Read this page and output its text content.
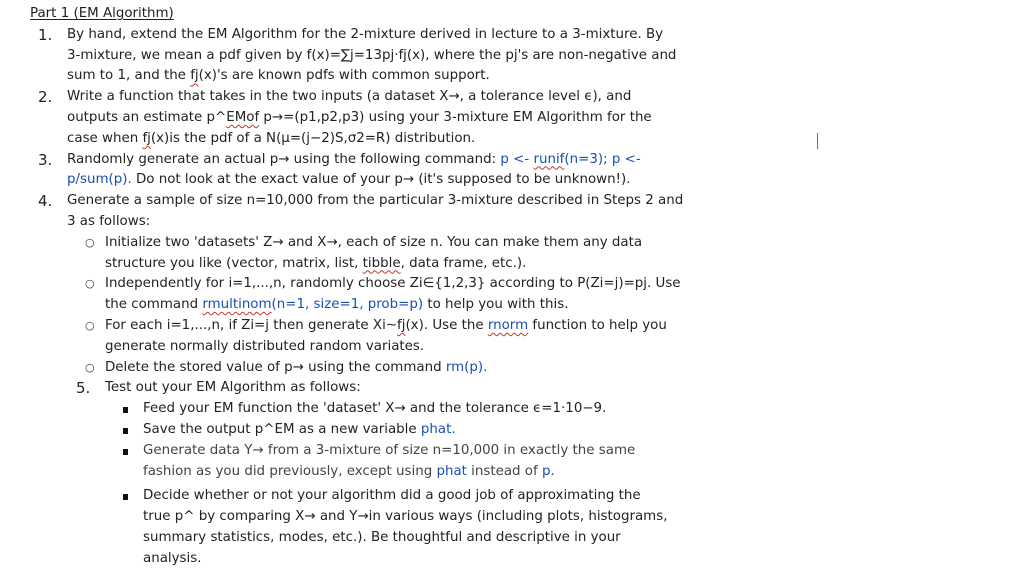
Part 1 (EM Algorithm)
1. By hand, extend the EM Algorithm for the 2-mixture derived in lecture to a 3-mixture. By
3-mixture, we mean a pdf given by f(x)=∑j=13pj·fj(x), where the pj's are non-negative and
sum to 1, and the fj(x)'s are known pdfs with common support.
2. Write a function that takes in the two inputs (a dataset X→, a tolerance level ϵ), and
outputs an estimate p^EMof p→=(p1,p2,p3) using your 3-mixture EM Algorithm for the
case when fj(x)is the pdf of a N(μ=(j−2)S,σ2=R) distribution.
3. Randomly generate an actual p→ using the following command: p <- runif(n=3); p <-
p/sum(p). Do not look at the exact value of your p→ (it's supposed to be unknown!).
4. Generate a sample of size n=10,000 from the particular 3-mixture described in Steps 2 and
3 as follows:
○ Initialize two 'datasets' Z→ and X→, each of size n. You can make them any data
structure you like (vector, matrix, list, tibble, data frame, etc.).
○ Independently for i=1,...,n, randomly choose Zi∈{1,2,3} according to P(Zi=j)=pj. Use
the command rmultinom(n=1, size=1, prob=p) to help you with this.
○ For each i=1,...,n, if Zi=j then generate Xi∼fj(x). Use the rnorm function to help you
generate normally distributed random variates.
○ Delete the stored value of p→ using the command rm(p).
5. Test out your EM Algorithm as follows:
Feed your EM function the 'dataset' X→ and the tolerance ϵ=1·10−9.
Save the output p^EM as a new variable phat.
Generate data Y→ from a 3-mixture of size n=10,000 in exactly the same
fashion as you did previously, except using phat instead of p.
Decide whether or not your algorithm did a good job of approximating the
true p^ by comparing X→ and Y→in various ways (including plots, histograms,
summary statistics, modes, etc.). Be thoughtful and descriptive in your
analysis.
